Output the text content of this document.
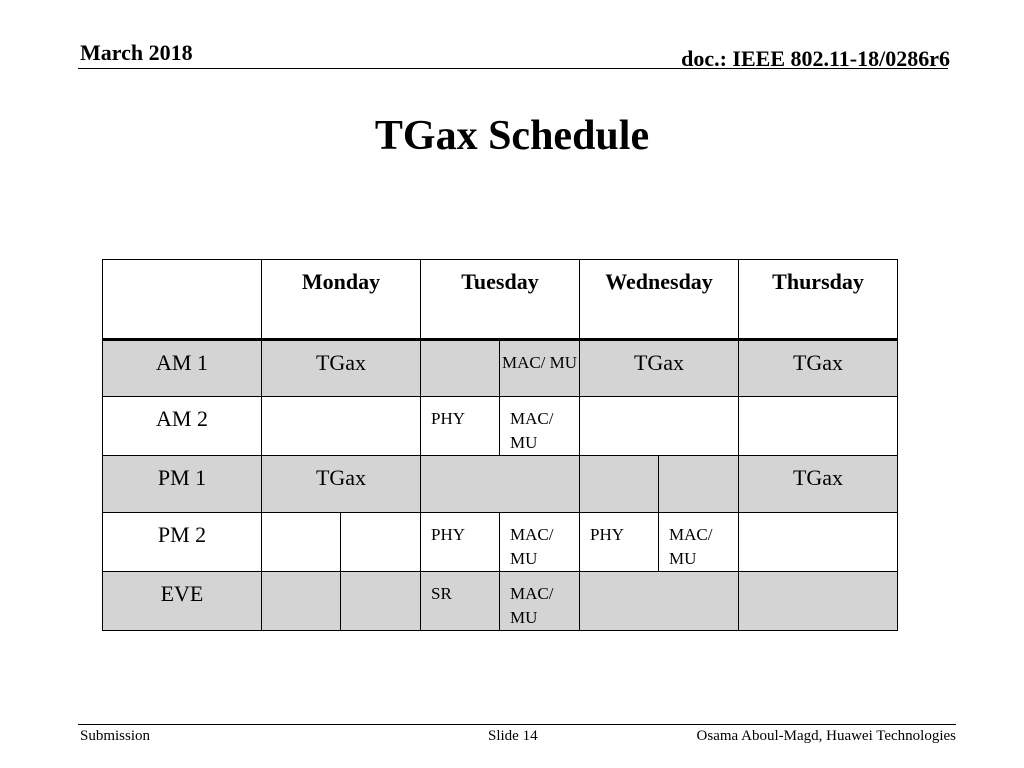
March 2018	doc.: IEEE 802.11-18/0286r6
TGax Schedule
	Monday		Tuesday		Wednesday		Thursday
AM 1	TGax			MAC/ MU	TGax		TGax
AM 2			PHY	MAC/ MU			
PM 1	TGax						TGax
PM 2			PHY	MAC/ MU	PHY	MAC/ MU	
EVE			SR	MAC/ MU			
Submission	Slide 14	Osama Aboul-Magd, Huawei Technologies
